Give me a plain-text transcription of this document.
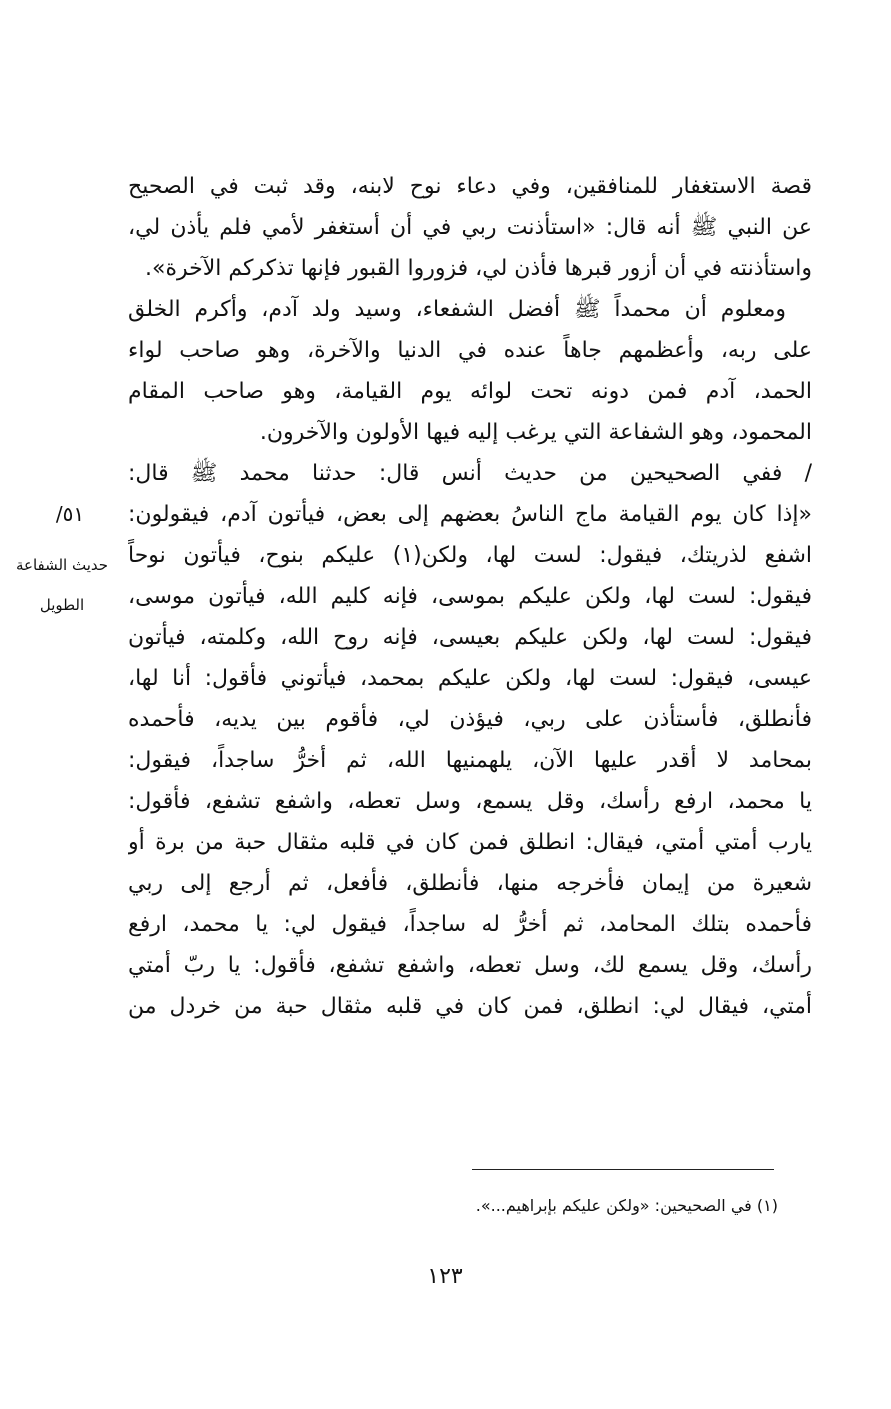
قصة الاستغفار للمنافقين، وفي دعاء نوح لابنه، وقد ثبت في الصحيح
عن النبي ﷺ أنه قال: «استأذنت ربي في أن أستغفر لأمي فلم يأذن لي،
واستأذنته في أن أزور قبرها فأذن لي، فزوروا القبور فإنها تذكركم الآخرة».
ومعلوم أن محمداً ﷺ أفضل الشفعاء، وسيد ولد آدم، وأكرم الخلق
على ربه، وأعظمهم جاهاً عنده في الدنيا والآخرة، وهو صاحب لواء
الحمد، آدم فمن دونه تحت لوائه يوم القيامة، وهو صاحب المقام
المحمود، وهو الشفاعة التي يرغب إليه فيها الأولون والآخرون.
/ ففي الصحيحين من حديث أنس قال: حدثنا محمد ﷺ قال:
«إذا كان يوم القيامة ماج الناسُ بعضهم إلى بعض، فيأتون آدم، فيقولون:
اشفع لذريتك، فيقول: لست لها، ولكن(١) عليكم بنوح، فيأتون نوحاً
فيقول: لست لها، ولكن عليكم بموسى، فإنه كليم الله، فيأتون موسى،
فيقول: لست لها، ولكن عليكم بعيسى، فإنه روح الله، وكلمته، فيأتون
عيسى، فيقول: لست لها، ولكن عليكم بمحمد، فيأتوني فأقول: أنا لها،
فأنطلق، فأستأذن على ربي، فيؤذن لي، فأقوم بين يديه، فأحمده
بمحامد لا أقدر عليها الآن، يلهمنيها الله، ثم أخرُّ ساجداً، فيقول:
يا محمد، ارفع رأسك، وقل يسمع، وسل تعطه، واشفع تشفع، فأقول:
يارب أمتي أمتي، فيقال: انطلق فمن كان في قلبه مثقال حبة من برة أو
شعيرة من إيمان فأخرجه منها، فأنطلق، فأفعل، ثم أرجع إلى ربي
فأحمده بتلك المحامد، ثم أخرُّ له ساجداً، فيقول لي: يا محمد، ارفع
رأسك، وقل يسمع لك، وسل تعطه، واشفع تشفع، فأقول: يا ربّ أمتي
أمتي، فيقال لي: انطلق، فمن كان في قلبه مثقال حبة من خردل من
٥١/
حديث الشفاعة
الطويل
(١) في الصحيحين: «ولكن عليكم بإبراهيم...».
١٢٣
